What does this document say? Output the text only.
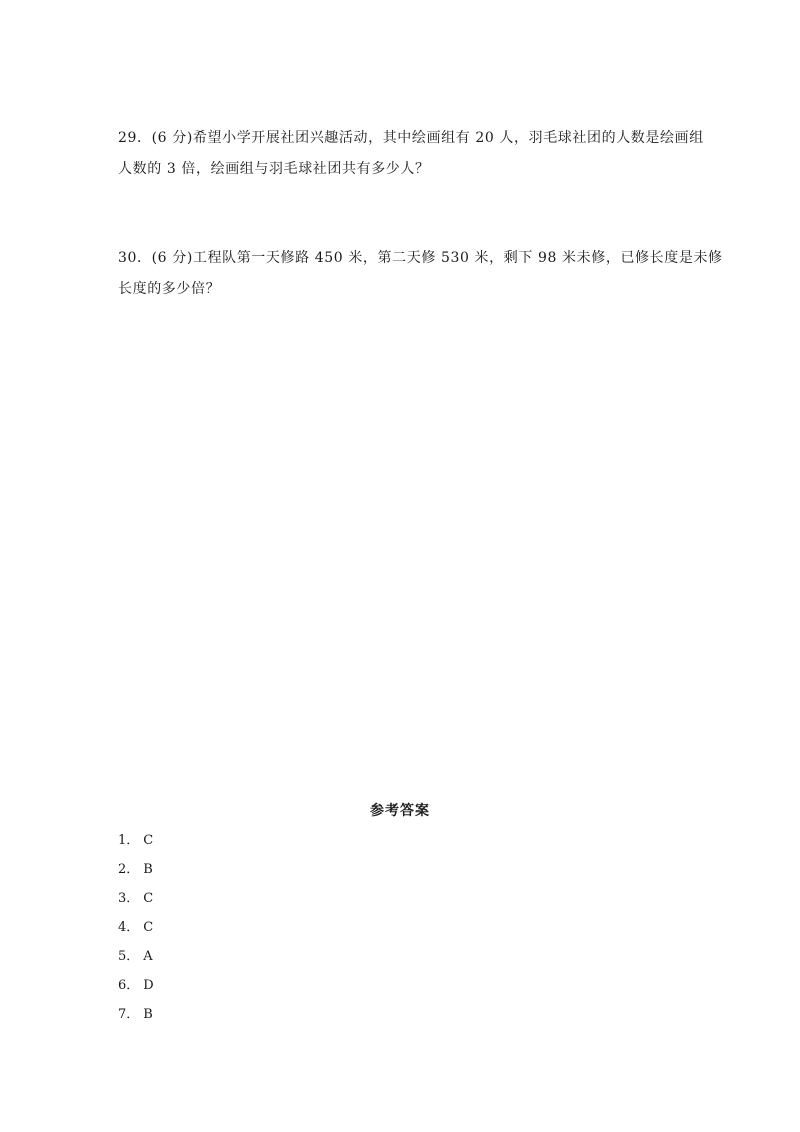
29．(6 分)希望小学开展社团兴趣活动，其中绘画组有 20 人，羽毛球社团的人数是绘画组
人数的 3 倍，绘画组与羽毛球社团共有多少人？
30．(6 分)工程队第一天修路 450 米，第二天修 530 米，剩下 98 米未修，已修长度是未修
长度的多少倍？
参考答案
1． C
2． B
3． C
4． C
5． A
6． D
7． B
